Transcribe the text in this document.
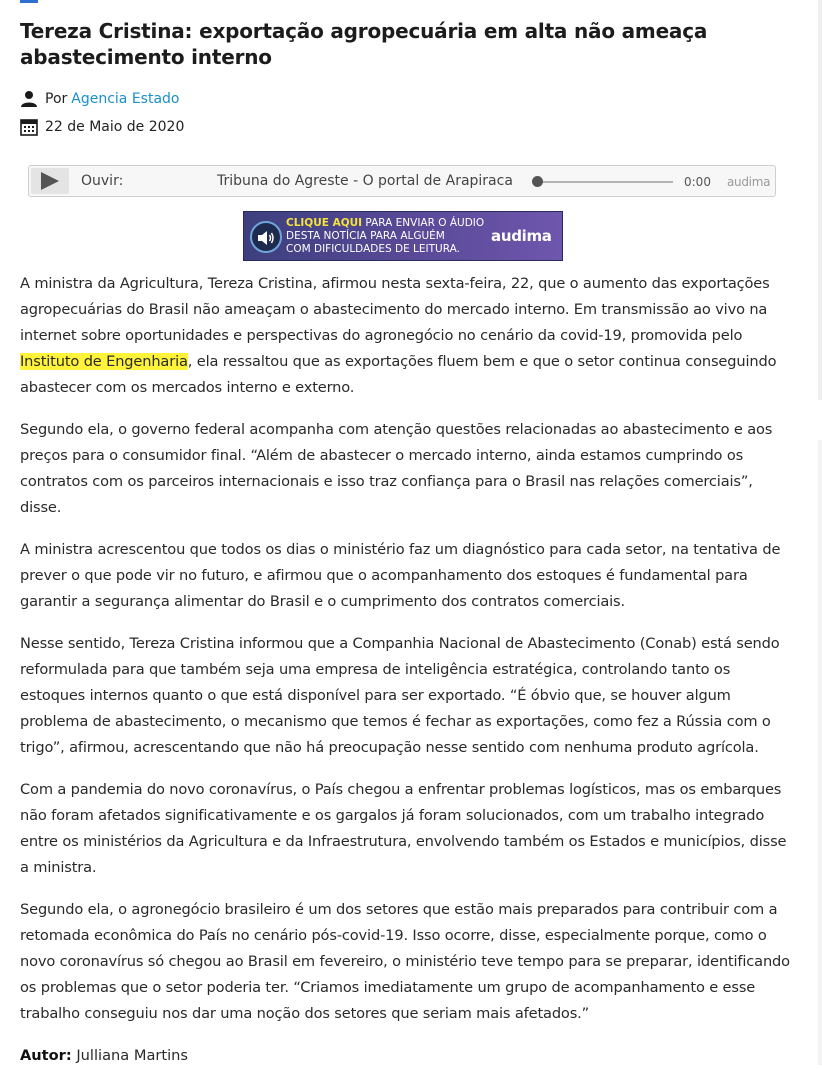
Tereza Cristina: exportação agropecuária em alta não ameaça abastecimento interno
Por Agencia Estado
22 de Maio de 2020
Ouvir:	Tribuna do Agreste - O portal de Arapiraca	0:00 audima
CLIQUE AQUI PARA ENVIAR O ÁUDIO
DESTA NOTÍCIA PARA ALGUÉM
COM DIFICULDADES DE LEITURA.
audima

A ministra da Agricultura, Tereza Cristina, afirmou nesta sexta-feira, 22, que o aumento das exportações agropecuárias do Brasil não ameaçam o abastecimento do mercado interno. Em transmissão ao vivo na internet sobre oportunidades e perspectivas do agronegócio no cenário da covid-19, promovida pelo Instituto de Engenharia, ela ressaltou que as exportações fluem bem e que o setor continua conseguindo abastecer com os mercados interno e externo.

Segundo ela, o governo federal acompanha com atenção questões relacionadas ao abastecimento e aos preços para o consumidor final. “Além de abastecer o mercado interno, ainda estamos cumprindo os contratos com os parceiros internacionais e isso traz confiança para o Brasil nas relações comerciais”, disse.

A ministra acrescentou que todos os dias o ministério faz um diagnóstico para cada setor, na tentativa de prever o que pode vir no futuro, e afirmou que o acompanhamento dos estoques é fundamental para garantir a segurança alimentar do Brasil e o cumprimento dos contratos comerciais.

Nesse sentido, Tereza Cristina informou que a Companhia Nacional de Abastecimento (Conab) está sendo reformulada para que também seja uma empresa de inteligência estratégica, controlando tanto os estoques internos quanto o que está disponível para ser exportado. “É óbvio que, se houver algum problema de abastecimento, o mecanismo que temos é fechar as exportações, como fez a Rússia com o trigo”, afirmou, acrescentando que não há preocupação nesse sentido com nenhuma produto agrícola.

Com a pandemia do novo coronavírus, o País chegou a enfrentar problemas logísticos, mas os embarques não foram afetados significativamente e os gargalos já foram solucionados, com um trabalho integrado entre os ministérios da Agricultura e da Infraestrutura, envolvendo também os Estados e municípios, disse a ministra.

Segundo ela, o agronegócio brasileiro é um dos setores que estão mais preparados para contribuir com a retomada econômica do País no cenário pós-covid-19. Isso ocorre, disse, especialmente porque, como o novo coronavírus só chegou ao Brasil em fevereiro, o ministério teve tempo para se preparar, identificando os problemas que o setor poderia ter. “Criamos imediatamente um grupo de acompanhamento e esse trabalho conseguiu nos dar uma noção dos setores que seriam mais afetados.”

Autor: Julliana Martins
